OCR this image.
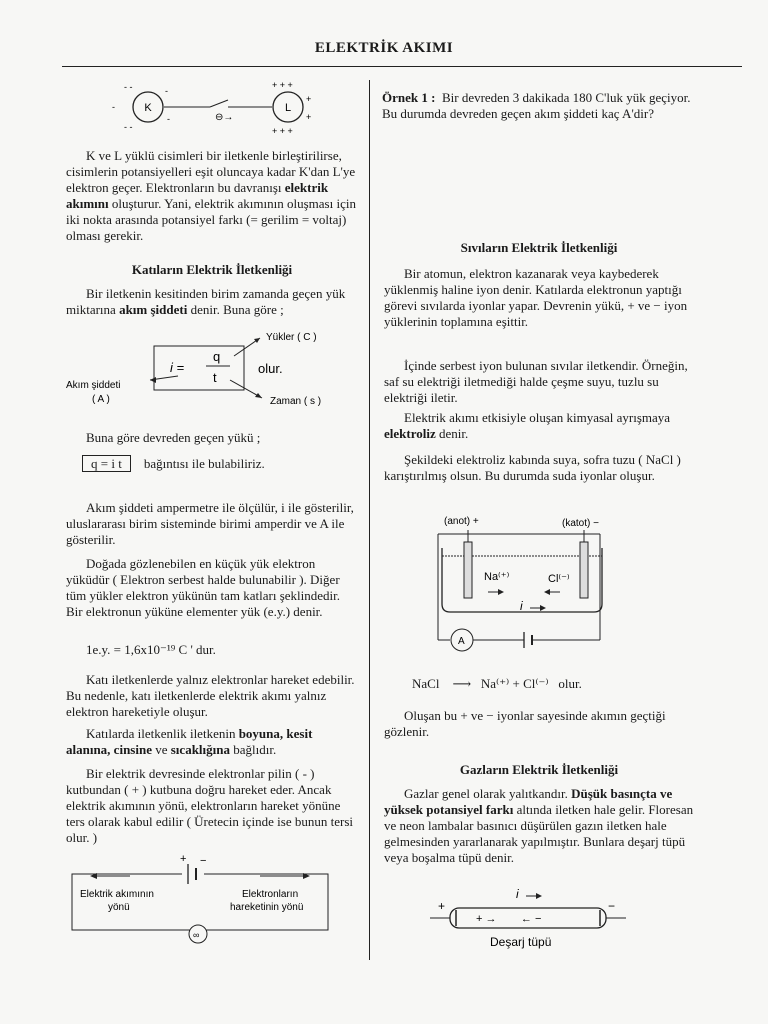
ELEKTRİK AKIMI
K
- -
-
- -
-
-
L
+ + +
+
+
+ + +
⊖→

K ve L yüklü cisimleri bir iletkenle birleştirilirse, cisimlerin potansiyelleri eşit oluncaya kadar K'dan L'ye elektron geçer. Elektronların bu davranışı elektrik akımını oluşturur. Yani, elektrik akımının oluşması için iki nokta arasında potansiyel farkı (= gerilim = voltaj) olması gerekir.

Katıların Elektrik İletkenliği

Bir iletkenin kesitinden birim zamanda geçen yük miktarına akım şiddeti denir. Buna göre ;

i =
q
t
olur.
Yükler ( C )
Zaman ( s )
Akım şiddeti
( A )

Buna göre devreden geçen yükü ;

q = i t bağıntısı ile bulabiliriz.

Akım şiddeti ampermetre ile ölçülür, i ile gösterilir, uluslararası birim sisteminde birimi amperdir ve A ile gösterilir.

Doğada gözlenebilen en küçük yük elektron yüküdür ( Elektron serbest halde bulunabilir ). Diğer tüm yükler elektron yükünün tam katları şeklindedir. Bir elektronun yüküne elementer yük (e.y.) denir.

1e.y. = 1,6x10⁻¹⁹ C ' dur.

Katı iletkenlerde yalnız elektronlar hareket edebilir. Bu nedenle, katı iletkenlerde elektrik akımı yalnız elektron hareketiyle oluşur.

Katılarda iletkenlik iletkenin boyuna, kesit alanına, cinsine ve sıcaklığına bağlıdır.

Bir elektrik devresinde elektronlar pilin ( - ) kutbundan ( + ) kutbuna doğru hareket eder. Ancak elektrik akımının yönü, elektronların hareket yönüne ters olarak kabul edilir ( Üretecin içinde ise bunun tersi olur. )

+ −
Elektrik akımının
yönü
Elektronların
hareketinin yönü
∞

Örnek 1 : Bir devreden 3 dakikada 180 C'luk yük geçiyor. Bu durumda devreden geçen akım şiddeti kaç A'dir?

Sıvıların Elektrik İletkenliği

Bir atomun, elektron kazanarak veya kaybederek yüklenmiş haline iyon denir. Katılarda elektronun yaptığı görevi sıvılarda iyonlar yapar. Devrenin yükü, + ve − iyon yüklerinin toplamına eşittir.

İçinde serbest iyon bulunan sıvılar iletkendir. Örneğin, saf su elektriği iletmediği halde çeşme suyu, tuzlu su elektriği iletir.

Elektrik akımı etkisiyle oluşan kimyasal ayrışmaya elektroliz denir.

Şekildeki elektroliz kabında suya, sofra tuzu ( NaCl ) karıştırılmış olsun. Bu durumda suda iyonlar oluşur.

(anot) +	(katot) −
Na⁽⁺⁾	Cl⁽⁻⁾
i
A
NaCl ⟶ Na⁽⁺⁾ + Cl⁽⁻⁾ olur.

Oluşan bu + ve − iyonlar sayesinde akımın geçtiği gözlenir.

Gazların Elektrik İletkenliği

Gazlar genel olarak yalıtkandır. Düşük basınçta ve yüksek potansiyel farkı altında iletken hale gelir. Floresan ve neon lambalar basınıcı düşürülen gazın iletken hale gelmesinden yararlanarak yapılmıştır. Bunlara deşarj tüpü veya boşalma tüpü denir.

i
+	−
+ →        ← −
Deşarj tüpü
